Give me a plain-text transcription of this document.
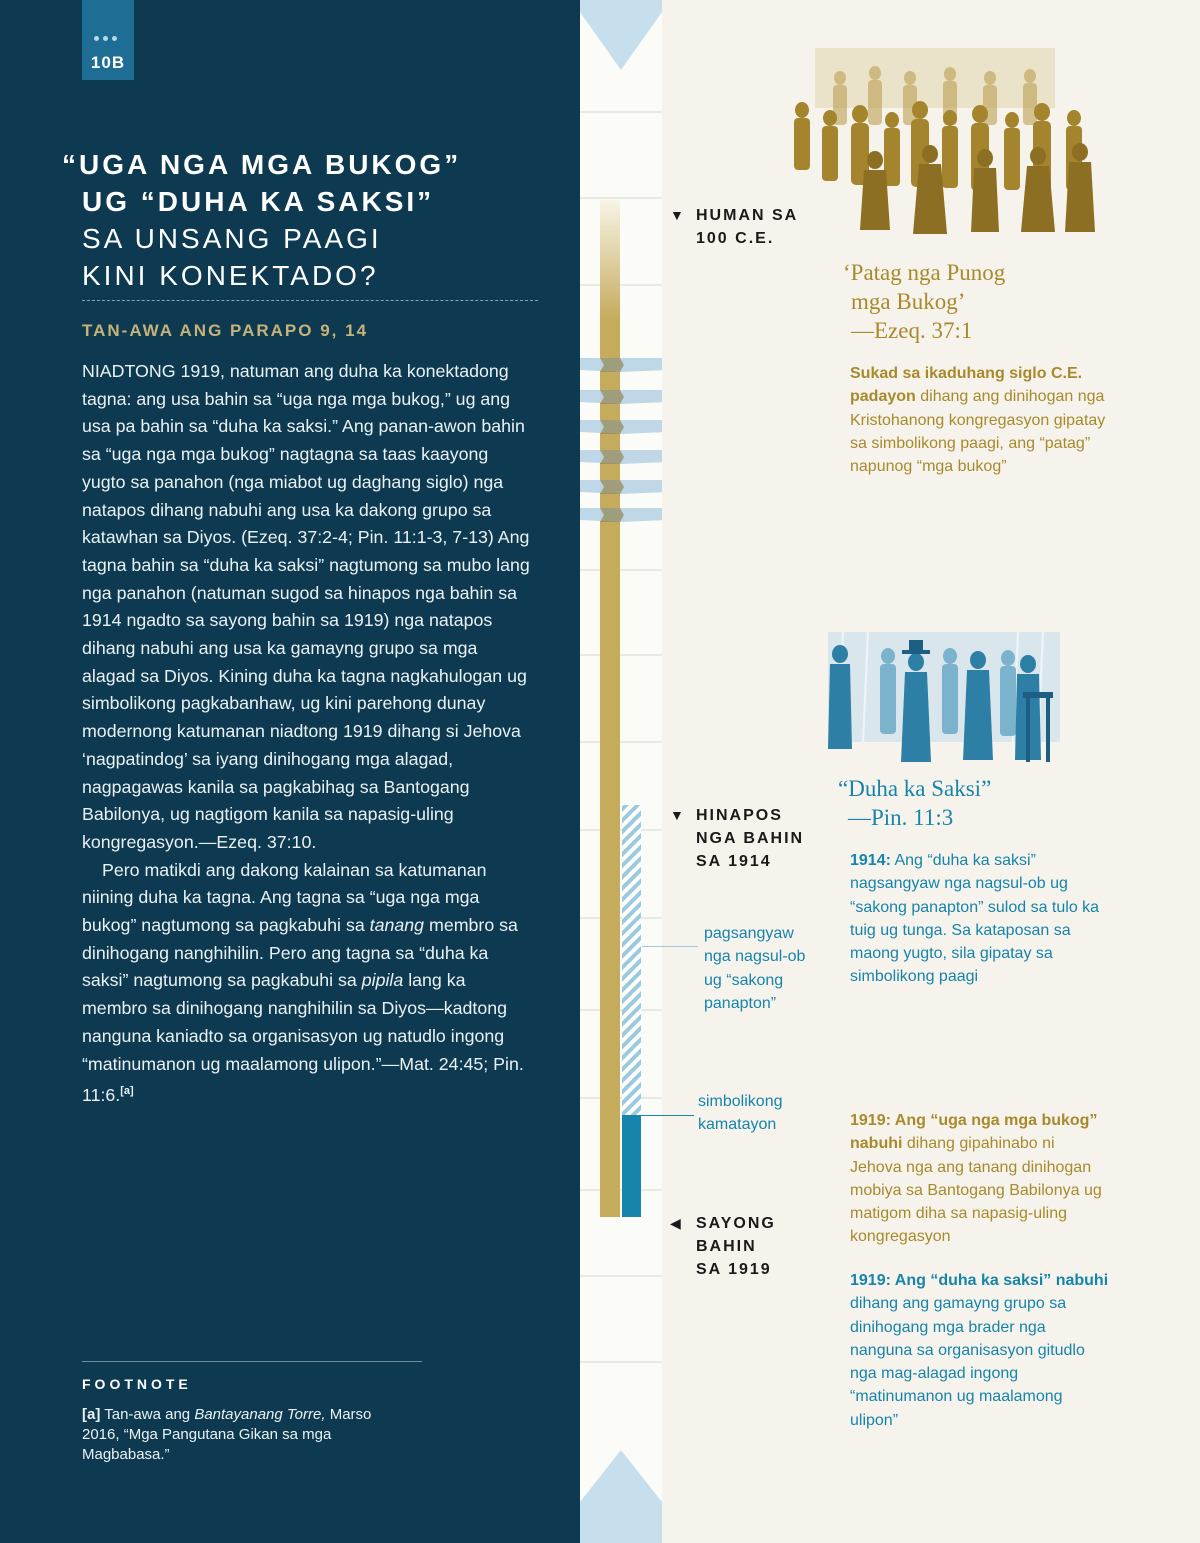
10B
“UGA NGA MGA BUKOG”
UG “DUHA KA SAKSI”
SA UNSANG PAAGI
KINI KONEKTADO?
TAN-AWA ANG PARAPO 9, 14

NIADTONG 1919, natuman ang duha ka konektadong tagna: ang usa bahin sa “uga nga mga bukog,” ug ang usa pa bahin sa “duha ka saksi.” Ang panan-awon bahin sa “uga nga mga bukog” nagtagna sa taas kaayong yugto sa panahon (nga miabot ug daghang siglo) nga natapos dihang nabuhi ang usa ka dakong grupo sa katawhan sa Diyos. (Ezeq. 37:2-4; Pin. 11:1-3, 7-13) Ang tagna bahin sa “duha ka saksi” nagtumong sa mubo lang nga panahon (natuman sugod sa hinapos nga bahin sa 1914 ngadto sa sayong bahin sa 1919) nga natapos dihang nabuhi ang usa ka gamayng grupo sa mga alagad sa Diyos. Kining duha ka tagna nagkahulogan ug simbolikong pagkabanhaw, ug kini parehong dunay modernong katumanan niadtong 1919 dihang si Jehova ‘nagpatindog’ sa iyang dinihogang mga alagad, nagpagawas kanila sa pagkabihag sa Bantogang Babilonya, ug nagtigom kanila sa napasig-uling kongregasyon.—Ezeq. 37:10.

Pero matikdi ang dakong kalainan sa katumanan niining duha ka tagna. Ang tagna sa “uga nga mga bukog” nagtumong sa pagkabuhi sa tanang membro sa dinihogang nanghihilin. Pero ang tagna sa “duha ka saksi” nagtumong sa pagkabuhi sa pipila lang ka membro sa dinihogang nanghihilin sa Diyos—kadtong nanguna kaniadto sa organisasyon ug natudlo ingong “matinumanon ug maalamong ulipon.”—Mat. 24:45; Pin. 11:6.[a]

FOOTNOTE
[a] Tan-awa ang Bantayanang Torre, Marso 2016, “Mga Pangutana Gikan sa mga Magbabasa.”
▼ HUMAN SA
100 C.E.
▼ HINAPOS
NGA BAHIN
SA 1914
◀ SAYONG
BAHIN
SA 1919
‘Patag nga Punog
mga Bukog’
—Ezeq. 37:1
Sukad sa ikaduhang siglo C.E. padayon dihang ang dinihogan nga Kristohanong kongregasyon gipatay sa simbolikong paagi, ang “patag” napunog “mga bukog”
“Duha ka Saksi”
—Pin. 11:3
1914: Ang “duha ka saksi” nagsangyaw nga nagsul-ob ug “sakong panapton” sulod sa tulo ka tuig ug tunga. Sa kataposan sa maong yugto, sila gipatay sa simbolikong paagi
pagsangyaw
nga nagsul-ob
ug “sakong
panapton”
simbolikong
kamatayon	1919: Ang “uga nga mga bukog” nabuhi dihang gipahinabo ni Jehova nga ang tanang dinihogan mobiya sa Bantogang Babilonya ug matigom diha sa napasig-uling kongregasyon
1919: Ang “duha ka saksi” nabuhi dihang ang gamayng grupo sa dinihogang mga brader nga nanguna sa organisasyon gitudlo nga mag-alagad ingong “matinumanon ug maalamong ulipon”
